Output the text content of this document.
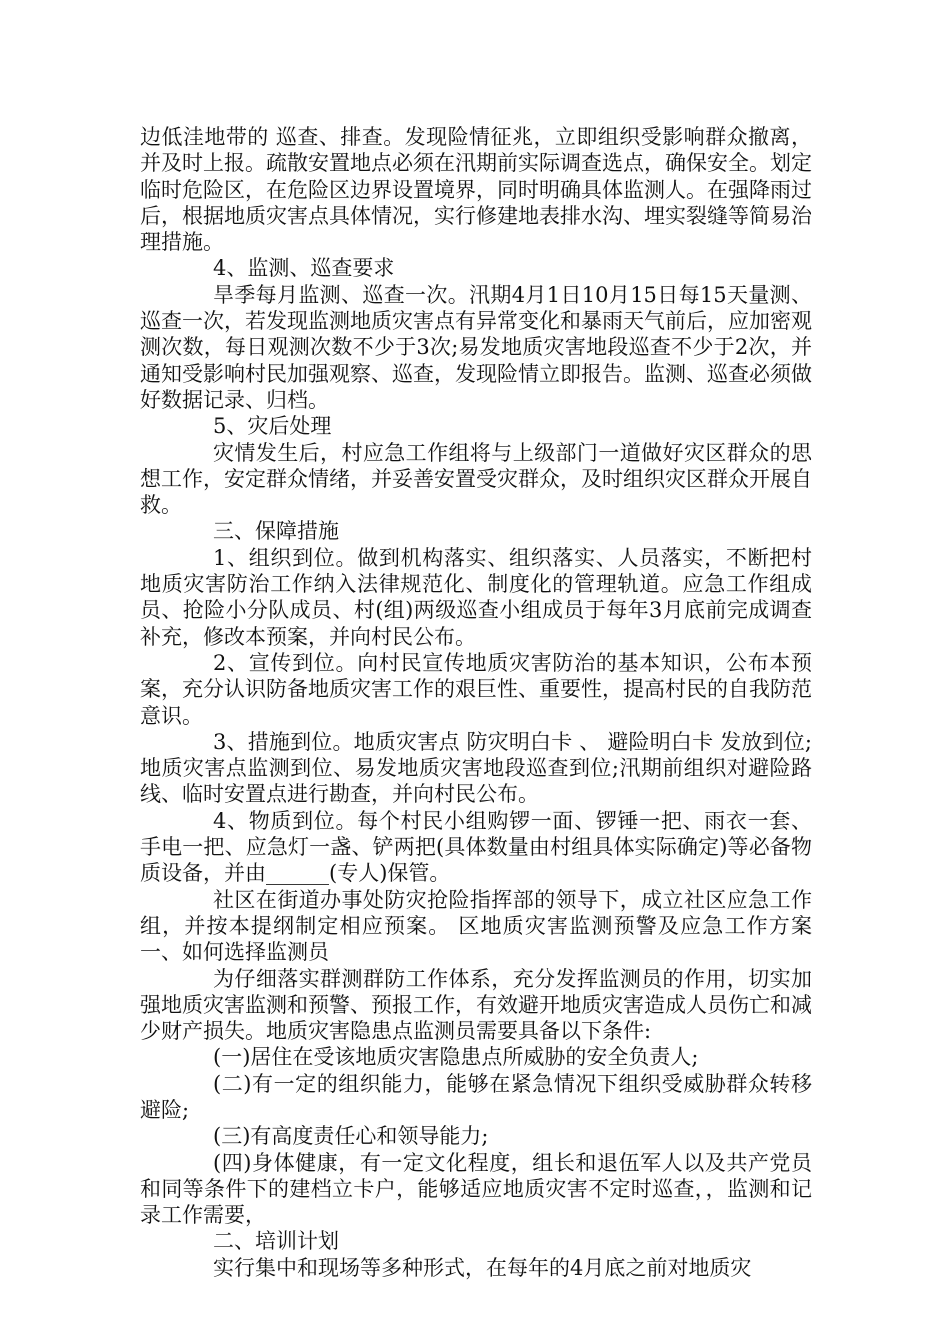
边低洼地带的 巡查、排查。发现险情征兆，立即组织受影响群众撤离，并及时上报。疏散安置地点必须在汛期前实际调查选点，确保安全。划定临时危险区，在危险区边界设置境界，同时明确具体监测人。在强降雨过后，根据地质灾害点具体情况，实行修建地表排水沟、埋实裂缝等简易治理措施。

4、监测、巡查要求

旱季每月监测、巡查一次。汛期4月1日10月15日每15天量测、巡查一次，若发现监测地质灾害点有异常变化和暴雨天气前后，应加密观测次数，每日观测次数不少于3次;易发地质灾害地段巡查不少于2次，并通知受影响村民加强观察、巡查，发现险情立即报告。监测、巡查必须做好数据记录、归档。

5、灾后处理

灾情发生后，村应急工作组将与上级部门一道做好灾区群众的思想工作，安定群众情绪，并妥善安置受灾群众，及时组织灾区群众开展自救。

三、保障措施

1、组织到位。做到机构落实、组织落实、人员落实，不断把村地质灾害防治工作纳入法律规范化、制度化的管理轨道。应急工作组成员、抢险小分队成员、村(组)两级巡查小组成员于每年3月底前完成调查补充，修改本预案，并向村民公布。

2、宣传到位。向村民宣传地质灾害防治的基本知识，公布本预案，充分认识防备地质灾害工作的艰巨性、重要性，提高村民的自我防范意识。

3、措施到位。地质灾害点 防灾明白卡 、 避险明白卡 发放到位;地质灾害点监测到位、易发地质灾害地段巡查到位;汛期前组织对避险路线、临时安置点进行勘查，并向村民公布。

4、物质到位。每个村民小组购锣一面、锣锤一把、雨衣一套、手电一把、应急灯一盏、铲两把(具体数量由村组具体实际确定)等必备物质设备，并由______(专人)保管。

社区在街道办事处防灾抢险指挥部的领导下，成立社区应急工作组，并按本提纲制定相应预案。 区地质灾害监测预警及应急工作方案 一、如何选择监测员

为仔细落实群测群防工作体系，充分发挥监测员的作用，切实加强地质灾害监测和预警、预报工作，有效避开地质灾害造成人员伤亡和减少财产损失。地质灾害隐患点监测员需要具备以下条件:

(一)居住在受该地质灾害隐患点所威胁的安全负责人;

(二)有一定的组织能力，能够在紧急情况下组织受威胁群众转移避险;

(三)有高度责任心和领导能力;

(四)身体健康，有一定文化程度，组长和退伍军人以及共产党员和同等条件下的建档立卡户，能够适应地质灾害不定时巡查，，监测和记录工作需要，

二、培训计划

实行集中和现场等多种形式，在每年的4月底之前对地质灾
